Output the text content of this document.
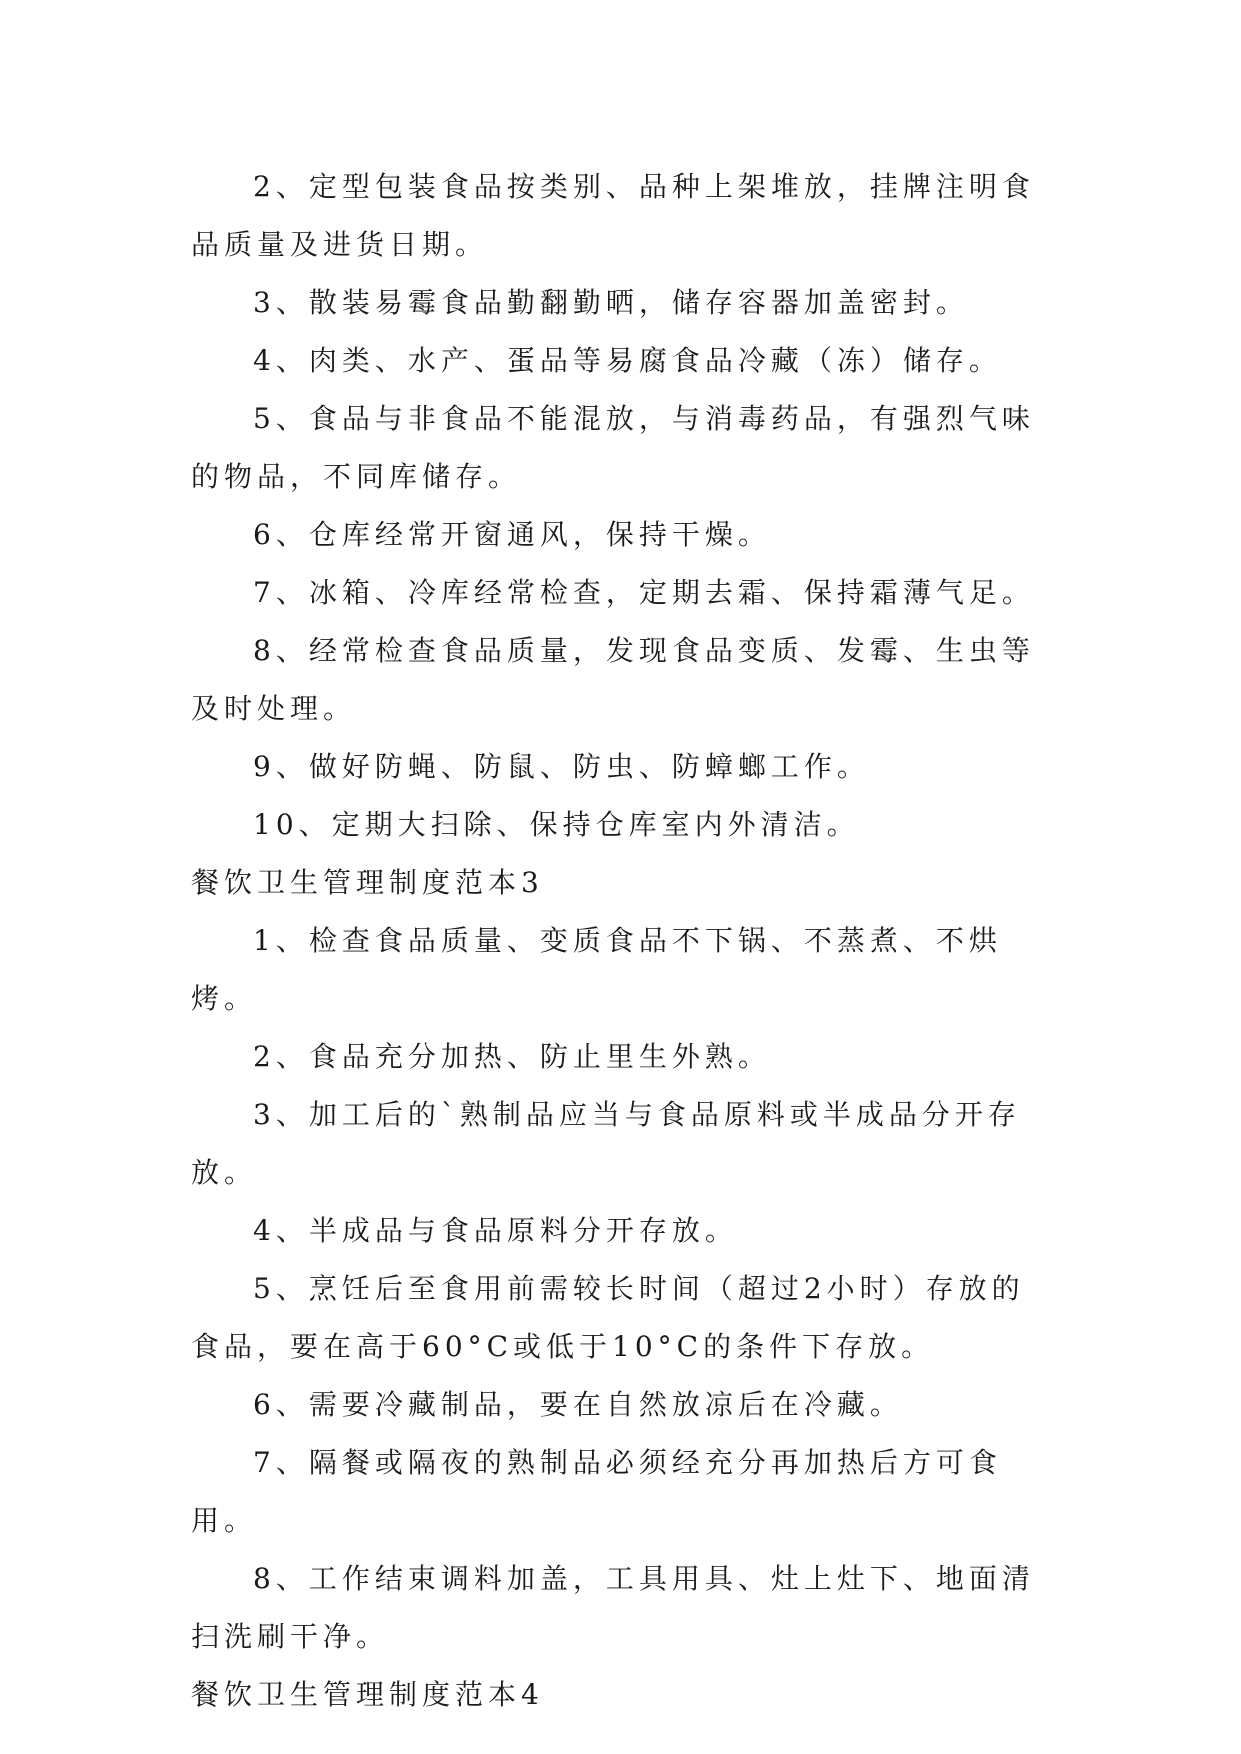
2、定型包装食品按类别、品种上架堆放，挂牌注明食品质量及进货日期。

3、散装易霉食品勤翻勤晒，储存容器加盖密封。

4、肉类、水产、蛋品等易腐食品冷藏（冻）储存。

5、食品与非食品不能混放，与消毒药品，有强烈气味的物品，不同库储存。

6、仓库经常开窗通风，保持干燥。

7、冰箱、冷库经常检查，定期去霜、保持霜薄气足。

8、经常检查食品质量，发现食品变质、发霉、生虫等及时处理。

9、做好防蝇、防鼠、防虫、防蟑螂工作。

10、定期大扫除、保持仓库室内外清洁。

餐饮卫生管理制度范本3

1、检查食品质量、变质食品不下锅、不蒸煮、不烘烤。

2、食品充分加热、防止里生外熟。

3、加工后的`熟制品应当与食品原料或半成品分开存放。

4、半成品与食品原料分开存放。

5、烹饪后至食用前需较长时间（超过2小时）存放的食品，要在高于60°C或低于10°C的条件下存放。

6、需要冷藏制品，要在自然放凉后在冷藏。

7、隔餐或隔夜的熟制品必须经充分再加热后方可食用。

8、工作结束调料加盖，工具用具、灶上灶下、地面清扫洗刷干净。

餐饮卫生管理制度范本4
